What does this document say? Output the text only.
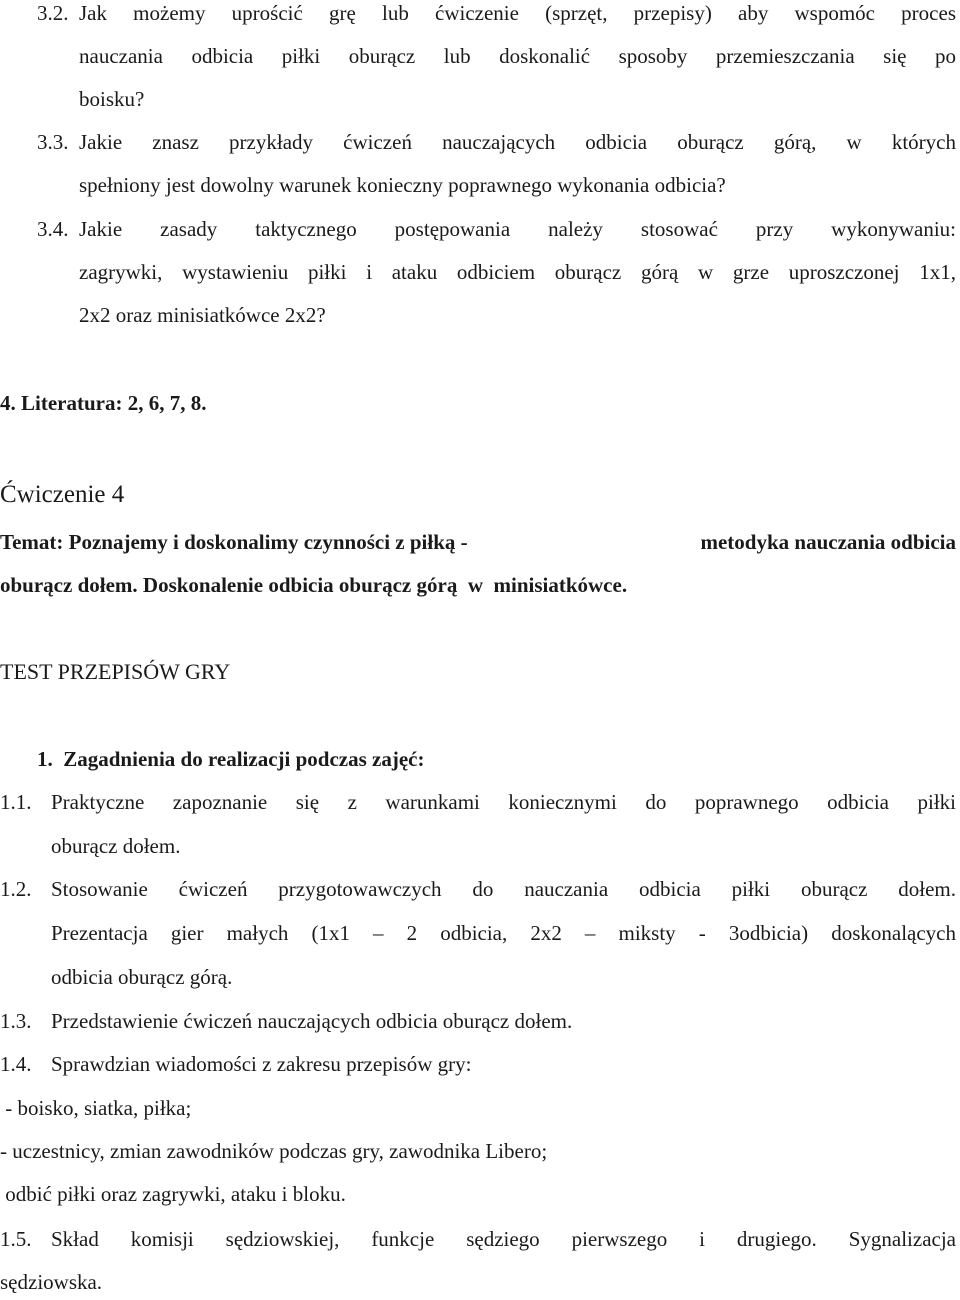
3.2. Jak możemy uprościć grę lub ćwiczenie (sprzęt, przepisy) aby wspomóc proces
nauczania odbicia piłki oburącz lub doskonalić sposoby przemieszczania się po
boisku?
3.3. Jakie znasz przykłady ćwiczeń nauczających odbicia oburącz górą, w których
spełniony jest dowolny warunek konieczny poprawnego wykonania odbicia?
3.4. Jakie zasady taktycznego postępowania należy stosować przy wykonywaniu:
zagrywki, wystawieniu piłki i ataku odbiciem oburącz górą w grze uproszczonej 1x1,
2x2 oraz minisiatkówce 2x2?
4. Literatura: 2, 6, 7, 8.
Ćwiczenie 4
Temat: Poznajemy i doskonalimy czynności z piłką -	metodyka nauczania odbicia
oburącz dołem. Doskonalenie odbicia oburącz górą  w  minisiatkówce.
TEST PRZEPISÓW GRY
1.  Zagadnienia do realizacji podczas zajęć:
1.1. Praktyczne zapoznanie się z warunkami koniecznymi do poprawnego odbicia piłki
oburącz dołem.
1.2. Stosowanie ćwiczeń przygotowawczych do nauczania odbicia piłki oburącz dołem.
Prezentacja gier małych (1x1 – 2 odbicia, 2x2 – miksty - 3odbicia) doskonalących
odbicia oburącz górą.
1.3. Przedstawienie ćwiczeń nauczających odbicia oburącz dołem.
1.4. Sprawdzian wiadomości z zakresu przepisów gry:
- boisko, siatka, piłka;
- uczestnicy, zmian zawodników podczas gry, zawodnika Libero;
odbić piłki oraz zagrywki, ataku i bloku.
1.5. Skład komisji sędziowskiej, funkcje sędziego pierwszego i drugiego. Sygnalizacja
sędziowska.
